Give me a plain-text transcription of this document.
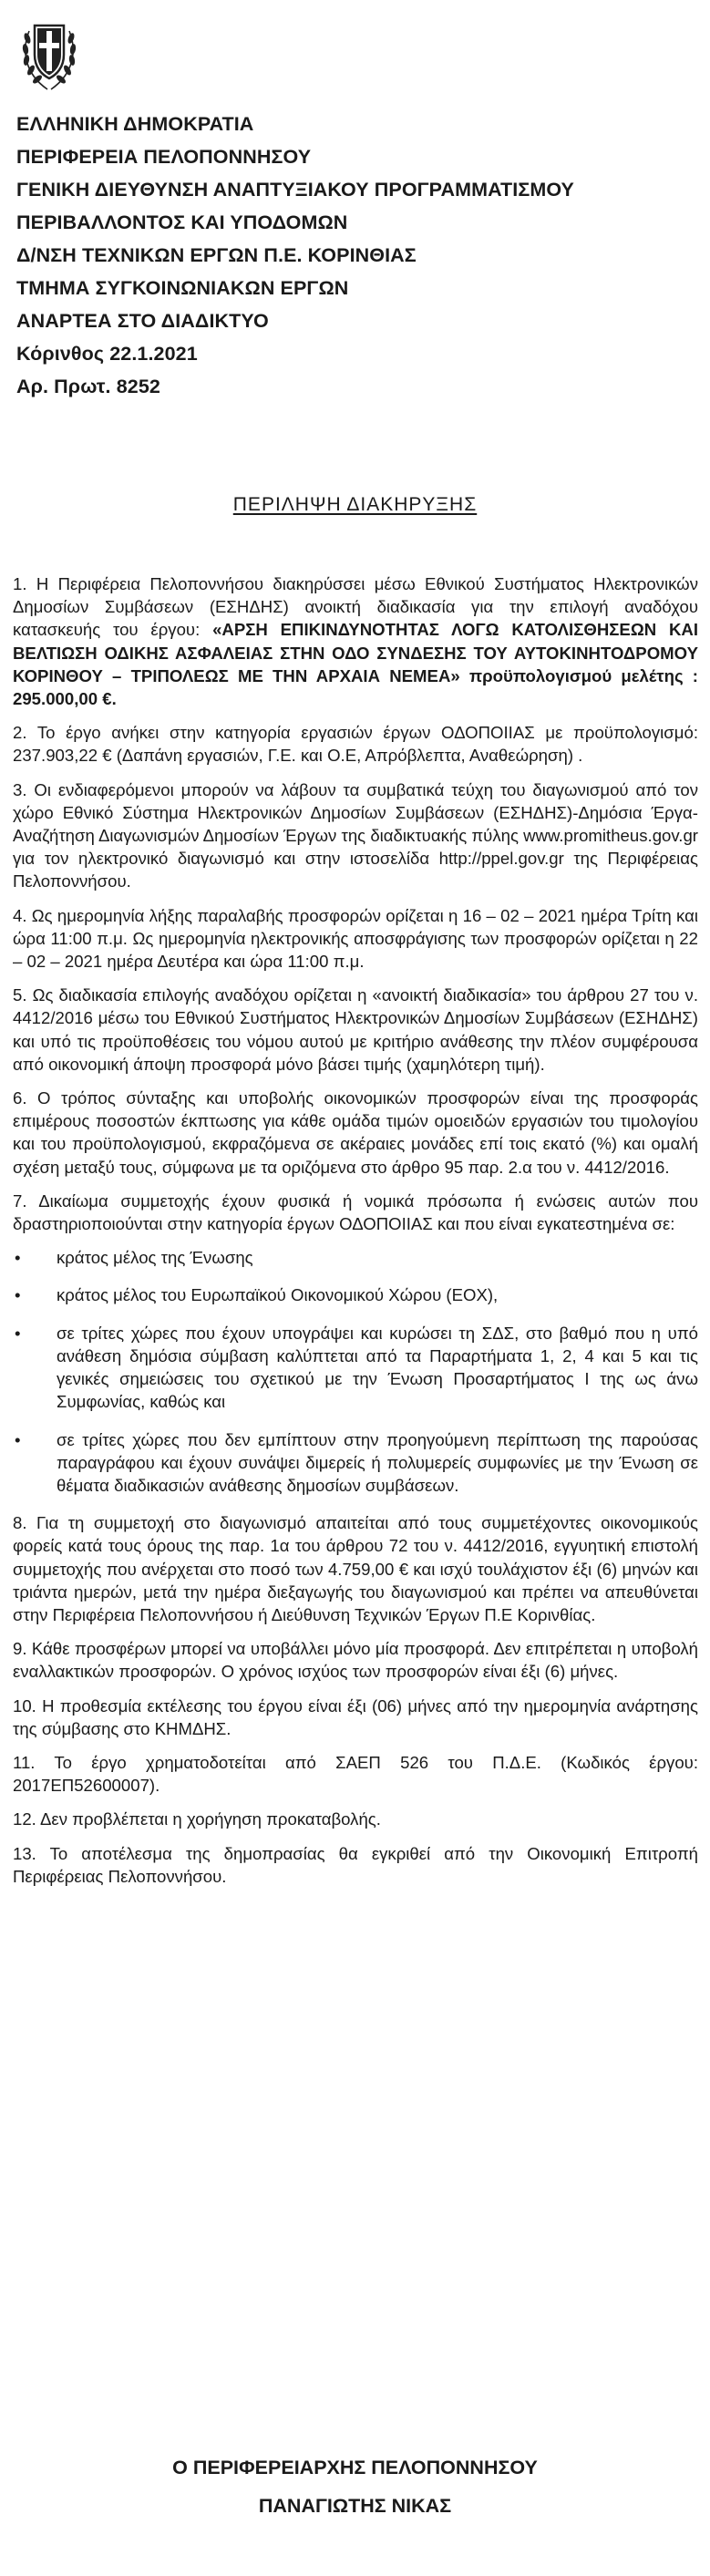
ΕΛΛΗΝΙΚΗ ΔΗΜΟΚΡΑΤΙΑ
ΠΕΡΙΦΕΡΕΙΑ ΠΕΛΟΠΟΝΝΗΣΟΥ
ΓΕΝΙΚΗ ΔΙΕΥΘΥΝΣΗ ΑΝΑΠΤΥΞΙΑΚΟΥ ΠΡΟΓΡΑΜΜΑΤΙΣΜΟΥ
ΠΕΡΙΒΑΛΛΟΝΤΟΣ ΚΑΙ ΥΠΟΔΟΜΩΝ
Δ/ΝΣΗ ΤΕΧΝΙΚΩΝ ΕΡΓΩΝ Π.Ε. ΚΟΡΙΝΘΙΑΣ
ΤΜΗΜΑ ΣΥΓΚΟΙΝΩΝΙΑΚΩΝ ΕΡΓΩΝ
ΑΝΑΡΤΕΑ ΣΤΟ ΔΙΑΔΙΚΤΥΟ
Κόρινθος 22.1.2021
Αρ. Πρωτ. 8252
ΠΕΡΙΛΗΨΗ ΔΙΑΚΗΡΥΞΗΣ

1. Η Περιφέρεια Πελοποννήσου διακηρύσσει μέσω Εθνικού Συστήματος Ηλεκτρονικών Δημοσίων Συμβάσεων (ΕΣΗΔΗΣ) ανοικτή διαδικασία για την επιλογή αναδόχου κατασκευής του έργου: «ΑΡΣΗ ΕΠΙΚΙΝΔΥΝΟΤΗΤΑΣ ΛΟΓΩ ΚΑΤΟΛΙΣΘΗΣΕΩΝ ΚΑΙ ΒΕΛΤΙΩΣΗ ΟΔΙΚΗΣ ΑΣΦΑΛΕΙΑΣ ΣΤΗΝ ΟΔΟ ΣΥΝΔΕΣΗΣ ΤΟΥ ΑΥΤΟΚΙΝΗΤΟΔΡΟΜΟΥ ΚΟΡΙΝΘΟΥ – ΤΡΙΠΟΛΕΩΣ ΜΕ ΤΗΝ ΑΡΧΑΙΑ ΝΕΜΕΑ» προϋπολογισμού μελέτης : 295.000,00 €.

2. Το έργο ανήκει στην κατηγορία εργασιών έργων ΟΔΟΠΟΙΙΑΣ με προϋπολογισμό: 237.903,22 € (Δαπάνη εργασιών, Γ.Ε. και Ο.Ε, Απρόβλεπτα, Αναθεώρηση) .

3. Οι ενδιαφερόμενοι μπορούν να λάβουν τα συμβατικά τεύχη του διαγωνισμού από τον χώρο Εθνικό Σύστημα Ηλεκτρονικών Δημοσίων Συμβάσεων (ΕΣΗΔΗΣ)-Δημόσια Έργα-Αναζήτηση Διαγωνισμών Δημοσίων Έργων της διαδικτυακής πύλης www.promitheus.gov.gr για τον ηλεκτρονικό διαγωνισμό και στην ιστοσελίδα http://ppel.gov.gr της Περιφέρειας Πελοποννήσου.

4. Ως ημερομηνία λήξης παραλαβής προσφορών ορίζεται η 16 – 02 – 2021 ημέρα Τρίτη και ώρα 11:00 π.μ. Ως ημερομηνία ηλεκτρονικής αποσφράγισης των προσφορών ορίζεται η 22 – 02 – 2021 ημέρα Δευτέρα και ώρα 11:00 π.μ.

5. Ως διαδικασία επιλογής αναδόχου ορίζεται η «ανοικτή διαδικασία» του άρθρου 27 του ν. 4412/2016 μέσω του Εθνικού Συστήματος Ηλεκτρονικών Δημοσίων Συμβάσεων (ΕΣΗΔΗΣ) και υπό τις προϋποθέσεις του νόμου αυτού με κριτήριο ανάθεσης την πλέον συμφέρουσα από οικονομική άποψη προσφορά μόνο βάσει τιμής (χαμηλότερη τιμή).

6. Ο τρόπος σύνταξης και υποβολής οικονομικών προσφορών είναι της προσφοράς επιμέρους ποσοστών έκπτωσης για κάθε ομάδα τιμών ομοειδών εργασιών του τιμολογίου και του προϋπολογισμού, εκφραζόμενα σε ακέραιες μονάδες επί τοις εκατό (%) και ομαλή σχέση μεταξύ τους, σύμφωνα με τα οριζόμενα στο άρθρο 95 παρ. 2.α του ν. 4412/2016.

7. Δικαίωμα συμμετοχής έχουν φυσικά ή νομικά πρόσωπα ή ενώσεις αυτών που δραστηριοποιούνται στην κατηγορία έργων ΟΔΟΠΟΙΙΑΣ και που είναι εγκατεστημένα σε:

• κράτος μέλος της Ένωσης
• κράτος μέλος του Ευρωπαϊκού Οικονομικού Χώρου (ΕΟΧ),
• σε τρίτες χώρες που έχουν υπογράψει και κυρώσει τη ΣΔΣ, στο βαθμό που η υπό ανάθεση δημόσια σύμβαση καλύπτεται από τα Παραρτήματα 1, 2, 4 και 5 και τις γενικές σημειώσεις του σχετικού με την Ένωση Προσαρτήματος I της ως άνω Συμφωνίας, καθώς και
• σε τρίτες χώρες που δεν εμπίπτουν στην προηγούμενη περίπτωση της παρούσας παραγράφου και έχουν συνάψει διμερείς ή πολυμερείς συμφωνίες με την Ένωση σε θέματα διαδικασιών ανάθεσης δημοσίων συμβάσεων.

8. Για τη συμμετοχή στο διαγωνισμό απαιτείται από τους συμμετέχοντες οικονομικούς φορείς κατά τους όρους της παρ. 1α του άρθρου 72 του ν. 4412/2016, εγγυητική επιστολή συμμετοχής που ανέρχεται στο ποσό των 4.759,00 € και ισχύ τουλάχιστον έξι (6) μηνών και τριάντα ημερών, μετά την ημέρα διεξαγωγής του διαγωνισμού και πρέπει να απευθύνεται στην Περιφέρεια Πελοποννήσου ή Διεύθυνση Τεχνικών Έργων Π.Ε Κορινθίας.

9. Κάθε προσφέρων μπορεί να υποβάλλει μόνο μία προσφορά. Δεν επιτρέπεται η υποβολή εναλλακτικών προσφορών. Ο χρόνος ισχύος των προσφορών είναι έξι (6) μήνες.

10. Η προθεσμία εκτέλεσης του έργου είναι έξι (06) μήνες από την ημερομηνία ανάρτησης της σύμβασης στο ΚΗΜΔΗΣ.

11. Το έργο χρηματοδοτείται από ΣΑΕΠ 526 του Π.Δ.Ε. (Κωδικός έργου: 2017ΕΠ52600007).

12. Δεν προβλέπεται η χορήγηση προκαταβολής.

13. Το αποτέλεσμα της δημοπρασίας θα εγκριθεί από την Οικονομική Επιτροπή Περιφέρειας Πελοποννήσου.

Ο ΠΕΡΙΦΕΡΕΙΑΡΧΗΣ ΠΕΛΟΠΟΝΝΗΣΟΥ
ΠΑΝΑΓΙΩΤΗΣ ΝΙΚΑΣ
